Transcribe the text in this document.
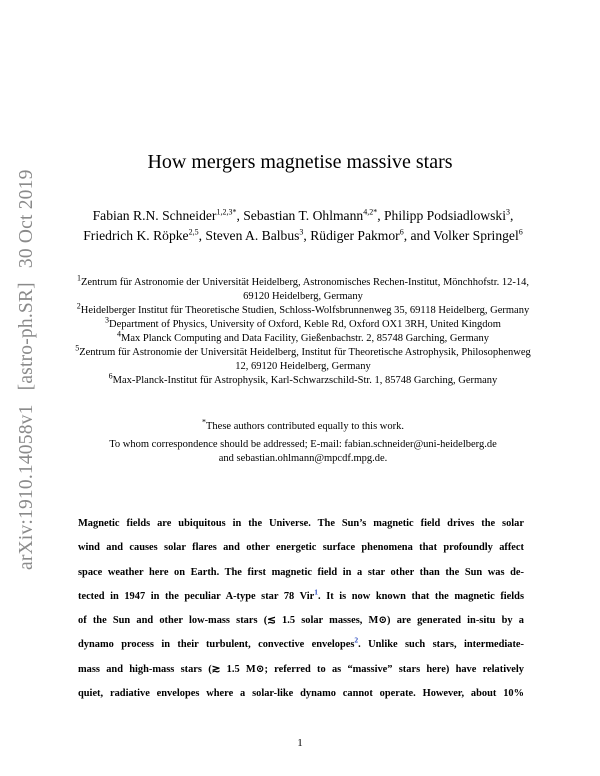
arXiv:1910.14058v1 [astro-ph.SR] 30 Oct 2019
How mergers magnetise massive stars
Fabian R.N. Schneider$^{1,2,3*}$, Sebastian T. Ohlmann$^{4,2*}$, Philipp Podsiadlowski$^3$,
Friedrich K. Röpke$^{2,5}$, Steven A. Balbus$^3$, Rüdiger Pakmor$^6$, and Volker Springel$^6$

$^1$Zentrum für Astronomie der Universität Heidelberg, Astronomisches Rechen-Institut, Mönchhofstr. 12-14, 69120 Heidelberg, Germany

$^2$Heidelberger Institut für Theoretische Studien, Schloss-Wolfsbrunnenweg 35, 69118 Heidelberg, Germany

$^3$Department of Physics, University of Oxford, Keble Rd, Oxford OX1 3RH, United Kingdom

$^4$Max Planck Computing and Data Facility, Gießenbachstr. 2, 85748 Garching, Germany

$^5$Zentrum für Astronomie der Universität Heidelberg, Institut für Theoretische Astrophysik, Philosophenweg 12, 69120 Heidelberg, Germany

$^6$Max-Planck-Institut für Astrophysik, Karl-Schwarzschild-Str. 1, 85748 Garching, Germany

*These authors contributed equally to this work.
To whom correspondence should be addressed; E-mail: fabian.schneider@uni-heidelberg.de
and sebastian.ohlmann@mpcdf.mpg.de.
Magnetic fields are ubiquitous in the Universe. The Sun’s magnetic field drives the solar
wind and causes solar flares and other energetic surface phenomena that profoundly affect
space weather here on Earth. The first magnetic field in a star other than the Sun was de-
tected in 1947 in the peculiar A-type star 78 Vir$^1$. It is now known that the magnetic fields
of the Sun and other low-mass stars (≲ 1.5 solar masses, M⊙) are generated in-situ by a
dynamo process in their turbulent, convective envelopes$^2$. Unlike such stars, intermediate-
mass and high-mass stars (≳ 1.5 M⊙; referred to as “massive” stars here) have relatively
quiet, radiative envelopes where a solar-like dynamo cannot operate. However, about 10%
1
